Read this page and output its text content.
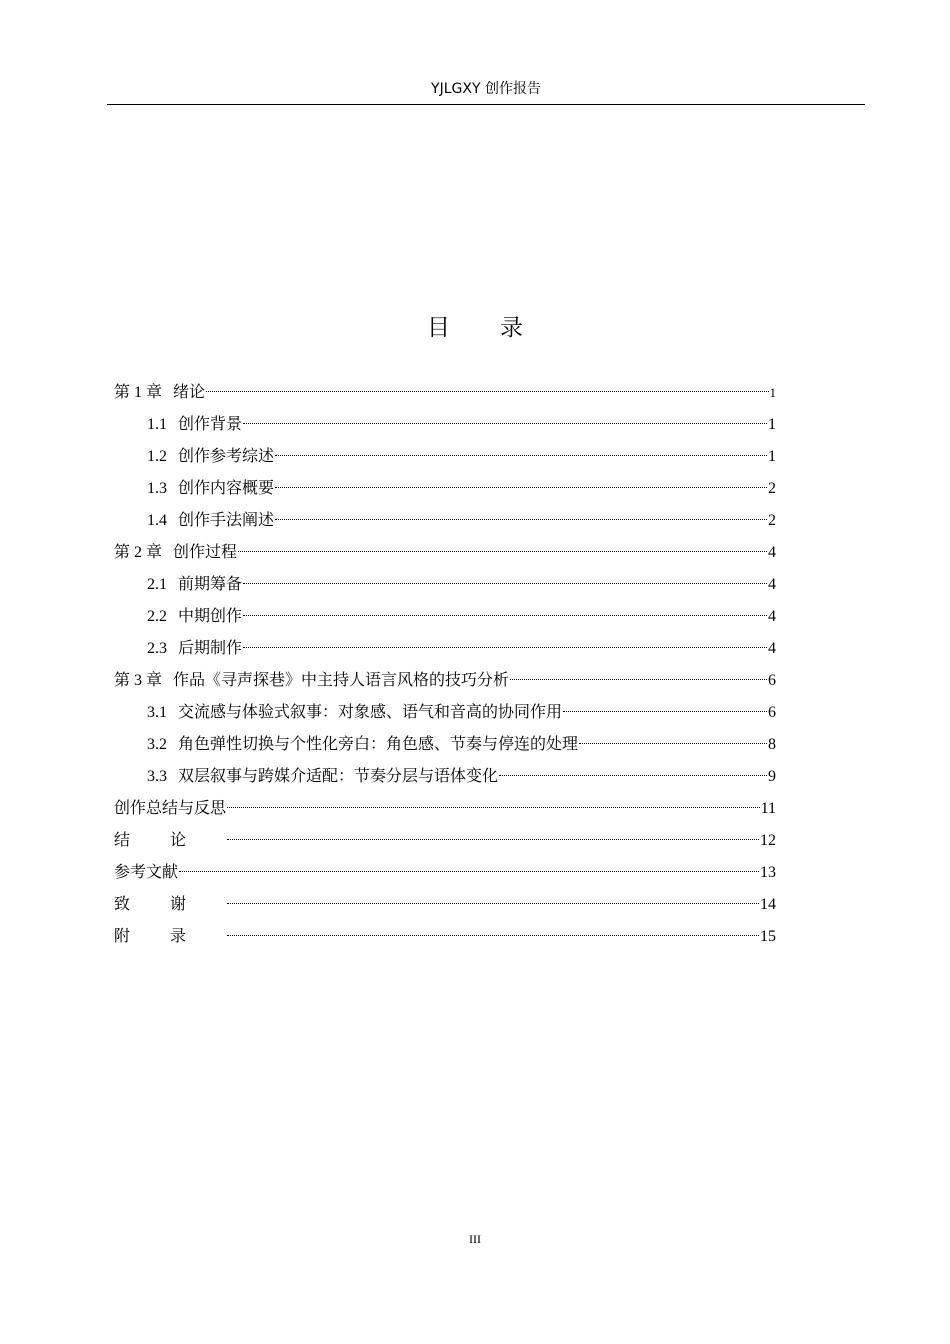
YJLGXY 创作报告
目录
第 1 章 绪论	1
1.1 创作背景	1
1.2 创作参考综述	1
1.3 创作内容概要	2
1.4 创作手法阐述	2
第 2 章 创作过程	4
2.1 前期筹备	4
2.2 中期创作	4
2.3 后期制作	4
第 3 章 作品《寻声探巷》中主持人语言风格的技巧分析	6
3.1 交流感与体验式叙事：对象感、语气和音高的协同作用	6
3.2 角色弹性切换与个性化旁白：角色感、节奏与停连的处理	8
3.3 双层叙事与跨媒介适配：节奏分层与语体变化	9
创作总结与反思	11
结论	12
参考文献	13
致谢	14
附录	15
III
